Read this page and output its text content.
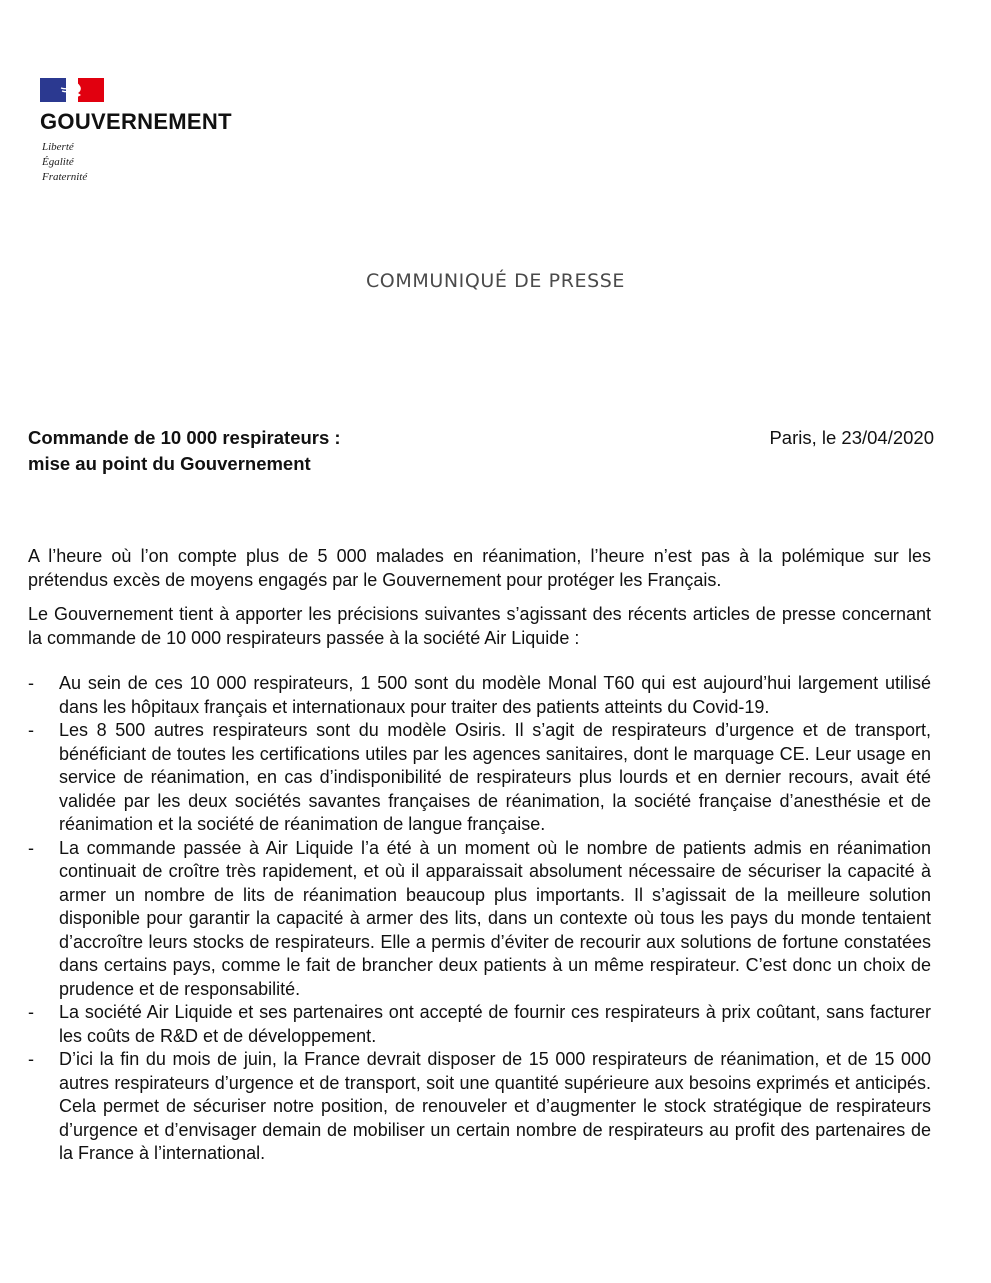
GOUVERNEMENT
Liberté
Égalité
Fraternité
COMMUNIQUÉ DE PRESSE
Commande de 10 000 respirateurs :
mise au point du Gouvernement
Paris, le 23/04/2020

A l’heure où l’on compte plus de 5 000 malades en réanimation, l’heure n’est pas à la polémique sur les prétendus excès de moyens engagés par le Gouvernement pour protéger les Français.

Le Gouvernement tient à apporter les précisions suivantes s’agissant des récents articles de presse concernant la commande de 10 000 respirateurs passée à la société Air Liquide :

- Au sein de ces 10 000 respirateurs, 1 500 sont du modèle Monal T60 qui est aujourd’hui largement utilisé dans les hôpitaux français et internationaux pour traiter des patients atteints du Covid-19.
- Les 8 500 autres respirateurs sont du modèle Osiris. Il s’agit de respirateurs d’urgence et de transport, bénéficiant de toutes les certifications utiles par les agences sanitaires, dont le marquage CE. Leur usage en service de réanimation, en cas d’indisponibilité de respirateurs plus lourds et en dernier recours, avait été validée par les deux sociétés savantes françaises de réanimation, la société française d’anesthésie et de réanimation et la société de réanimation de langue française.
- La commande passée à Air Liquide l’a été à un moment où le nombre de patients admis en réanimation continuait de croître très rapidement, et où il apparaissait absolument nécessaire de sécuriser la capacité à armer un nombre de lits de réanimation beaucoup plus importants. Il s’agissait de la meilleure solution disponible pour garantir la capacité à armer des lits, dans un contexte où tous les pays du monde tentaient d’accroître leurs stocks de respirateurs. Elle a permis d’éviter de recourir aux solutions de fortune constatées dans certains pays, comme le fait de brancher deux patients à un même respirateur. C’est donc un choix de prudence et de responsabilité.
- La société Air Liquide et ses partenaires ont accepté de fournir ces respirateurs à prix coûtant, sans facturer les coûts de R&D et de développement.
- D’ici la fin du mois de juin, la France devrait disposer de 15 000 respirateurs de réanimation, et de 15 000 autres respirateurs d’urgence et de transport, soit une quantité supérieure aux besoins exprimés et anticipés. Cela permet de sécuriser notre position, de renouveler et d’augmenter le stock stratégique de respirateurs d’urgence et d’envisager demain de mobiliser un certain nombre de respirateurs au profit des partenaires de la France à l’international.
